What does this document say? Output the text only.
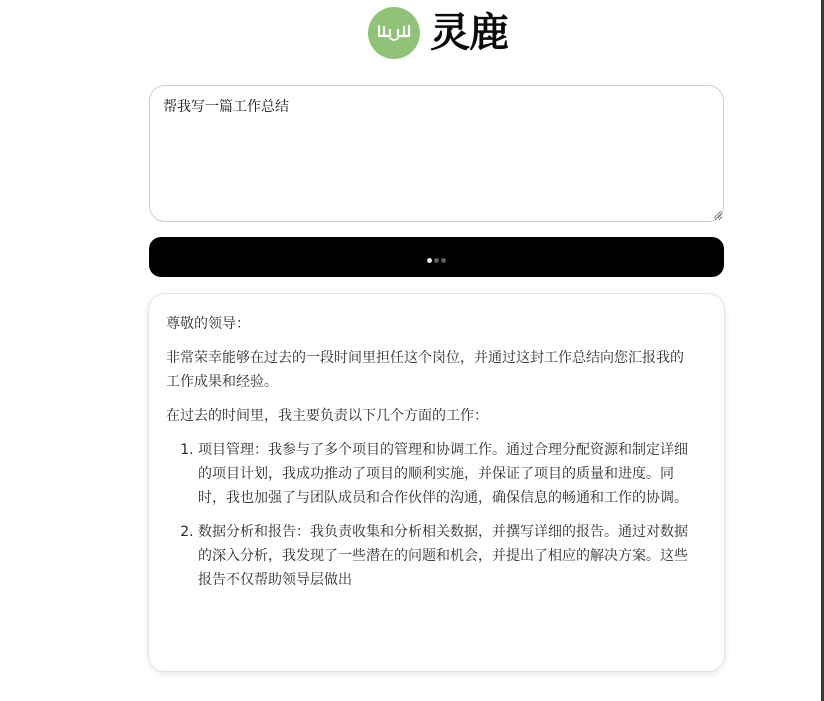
灵鹿
帮我写一篇工作总结

尊敬的领导：

非常荣幸能够在过去的一段时间里担任这个岗位，并通过这封工作总结向您汇报我的工作成果和经验。

在过去的时间里，我主要负责以下几个方面的工作：

1. 项目管理：我参与了多个项目的管理和协调工作。通过合理分配资源和制定详细的项目计划，我成功推动了项目的顺利实施，并保证了项目的质量和进度。同时，我也加强了与团队成员和合作伙伴的沟通，确保信息的畅通和工作的协调。
2. 数据分析和报告：我负责收集和分析相关数据，并撰写详细的报告。通过对数据的深入分析，我发现了一些潜在的问题和机会，并提出了相应的解决方案。这些报告不仅帮助领导层做出
